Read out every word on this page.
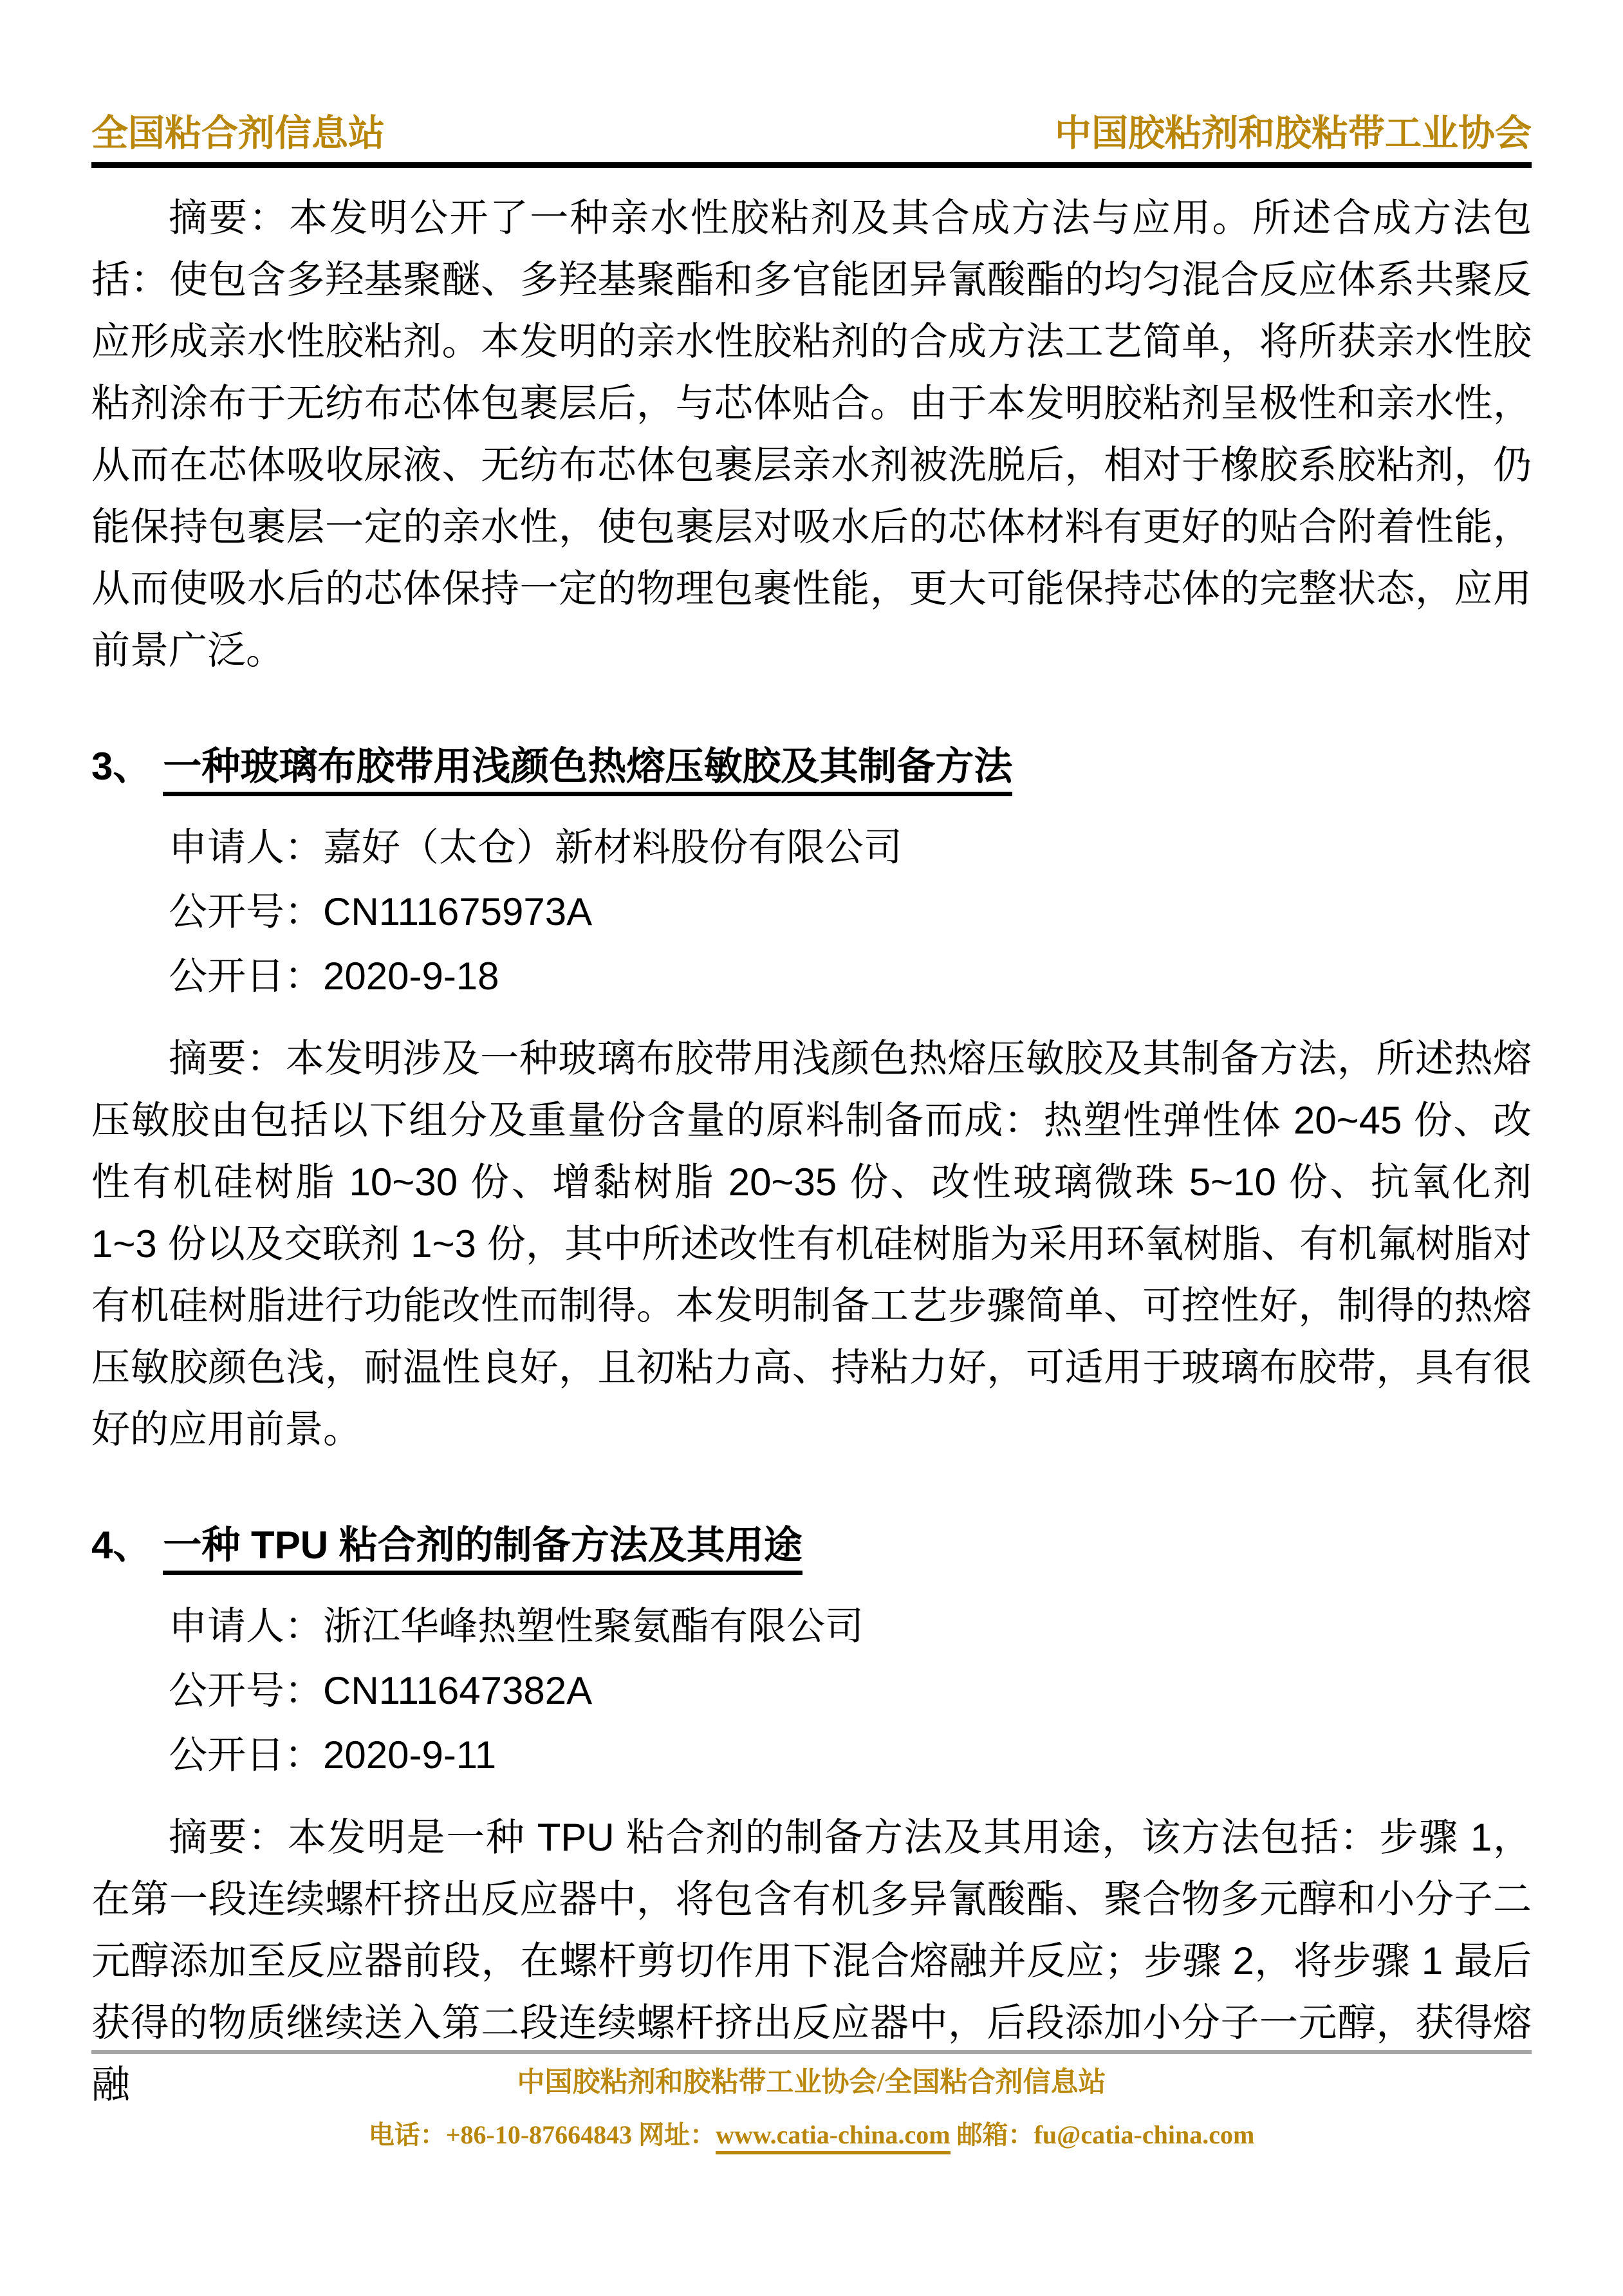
全国粘合剂信息站	中国胶粘剂和胶粘带工业协会

摘要：本发明公开了一种亲水性胶粘剂及其合成方法与应用。所述合成方法包括：使包含多羟基聚醚、多羟基聚酯和多官能团异氰酸酯的均匀混合反应体系共聚反应形成亲水性胶粘剂。本发明的亲水性胶粘剂的合成方法工艺简单，将所获亲水性胶粘剂涂布于无纺布芯体包裹层后，与芯体贴合。由于本发明胶粘剂呈极性和亲水性，从而在芯体吸收尿液、无纺布芯体包裹层亲水剂被洗脱后，相对于橡胶系胶粘剂，仍能保持包裹层一定的亲水性，使包裹层对吸水后的芯体材料有更好的贴合附着性能，从而使吸水后的芯体保持一定的物理包裹性能，更大可能保持芯体的完整状态，应用前景广泛。

3、 一种玻璃布胶带用浅颜色热熔压敏胶及其制备方法
申请人：嘉好（太仓）新材料股份有限公司
公开号：CN111675973A
公开日：2020-9-18

摘要：本发明涉及一种玻璃布胶带用浅颜色热熔压敏胶及其制备方法，所述热熔压敏胶由包括以下组分及重量份含量的原料制备而成：热塑性弹性体 20~45 份、改性有机硅树脂 10~30 份、增黏树脂 20~35 份、改性玻璃微珠 5~10 份、抗氧化剂 1~3 份以及交联剂 1~3 份，其中所述改性有机硅树脂为采用环氧树脂、有机氟树脂对有机硅树脂进行功能改性而制得。本发明制备工艺步骤简单、可控性好，制得的热熔压敏胶颜色浅，耐温性良好，且初粘力高、持粘力好，可适用于玻璃布胶带，具有很好的应用前景。

4、 一种 TPU 粘合剂的制备方法及其用途
申请人：浙江华峰热塑性聚氨酯有限公司
公开号：CN111647382A
公开日：2020-9-11

摘要：本发明是一种 TPU 粘合剂的制备方法及其用途，该方法包括：步骤 1，在第一段连续螺杆挤出反应器中，将包含有机多异氰酸酯、聚合物多元醇和小分子二元醇添加至反应器前段，在螺杆剪切作用下混合熔融并反应；步骤 2，将步骤 1 最后获得的物质继续送入第二段连续螺杆挤出反应器中，后段添加小分子一元醇，获得熔融	中国胶粘剂和胶粘带工业协会/全国粘合剂信息站
电话：+86-10-87664843 网址：www.catia-china.com 邮箱：fu@catia-china.com
